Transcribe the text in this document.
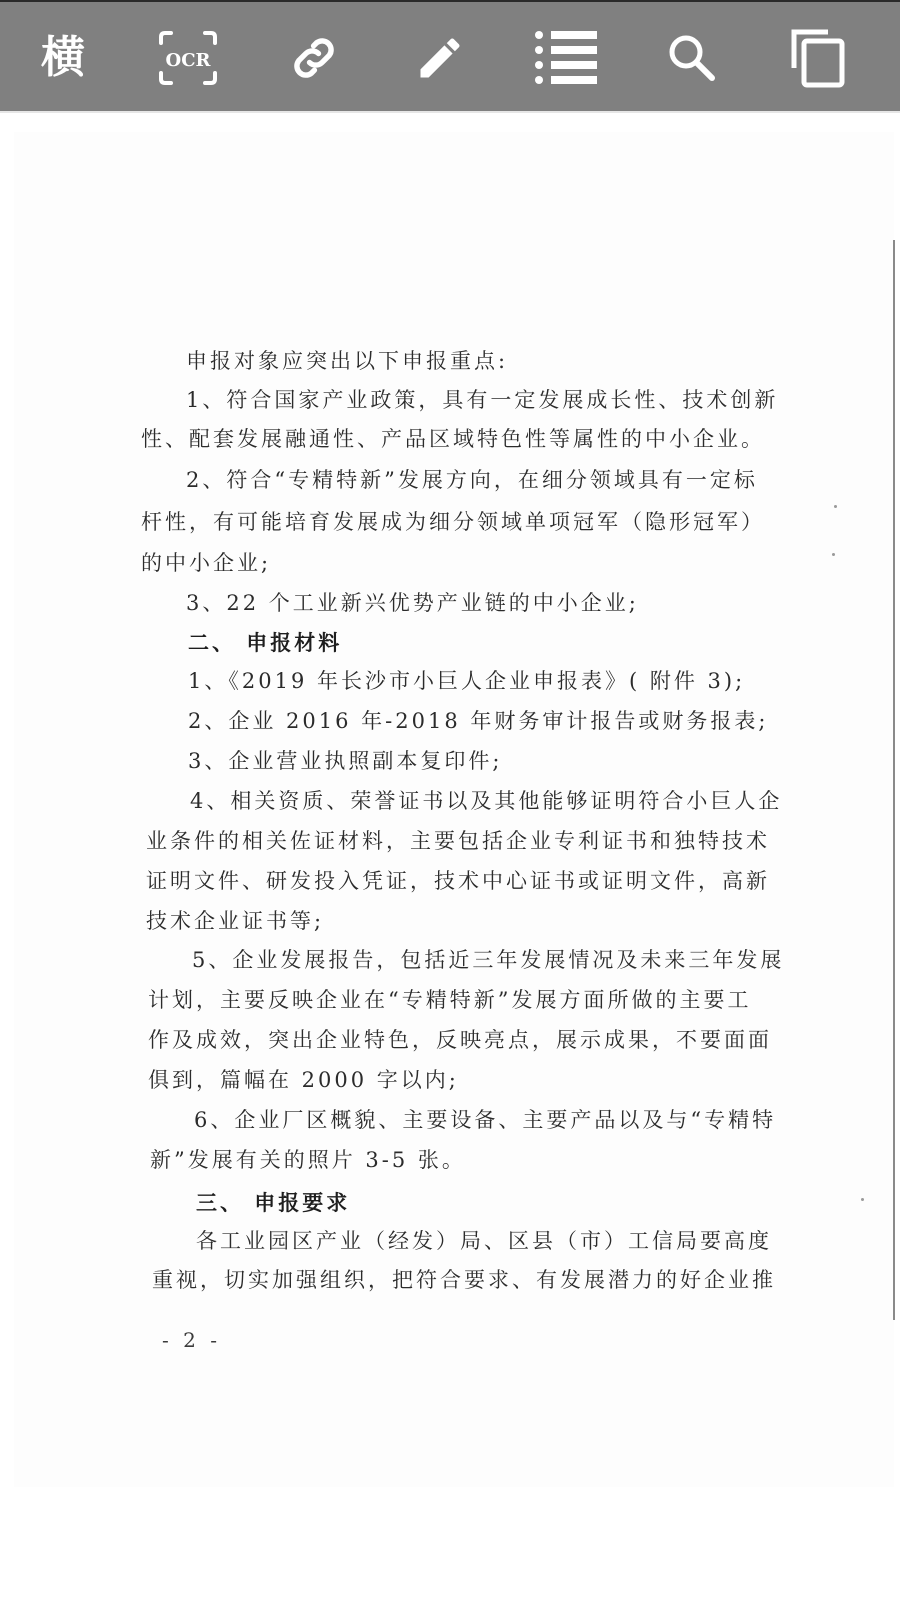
横	OCR
申报对象应突出以下申报重点:
1、符合国家产业政策，具有一定发展成长性、技术创新
性、配套发展融通性、产品区域特色性等属性的中小企业。
2、符合“专精特新”发展方向，在细分领域具有一定标
杆性，有可能培育发展成为细分领域单项冠军（隐形冠军）
的中小企业;
3、22 个工业新兴优势产业链的中小企业;
二、 申报材料
1、《2019 年长沙市小巨人企业申报表》( 附件 3);
2、企业 2016 年-2018 年财务审计报告或财务报表;
3、企业营业执照副本复印件;
4、相关资质、荣誉证书以及其他能够证明符合小巨人企
业条件的相关佐证材料，主要包括企业专利证书和独特技术
证明文件、研发投入凭证，技术中心证书或证明文件，高新
技术企业证书等;
5、企业发展报告，包括近三年发展情况及未来三年发展
计划，主要反映企业在“专精特新”发展方面所做的主要工
作及成效，突出企业特色，反映亮点，展示成果，不要面面
俱到，篇幅在 2000 字以内;
6、企业厂区概貌、主要设备、主要产品以及与“专精特
新”发展有关的照片 3-5 张。
三、 申报要求
各工业园区产业（经发）局、区县（市）工信局要高度
重视，切实加强组织，把符合要求、有发展潜力的好企业推
- 2 -
